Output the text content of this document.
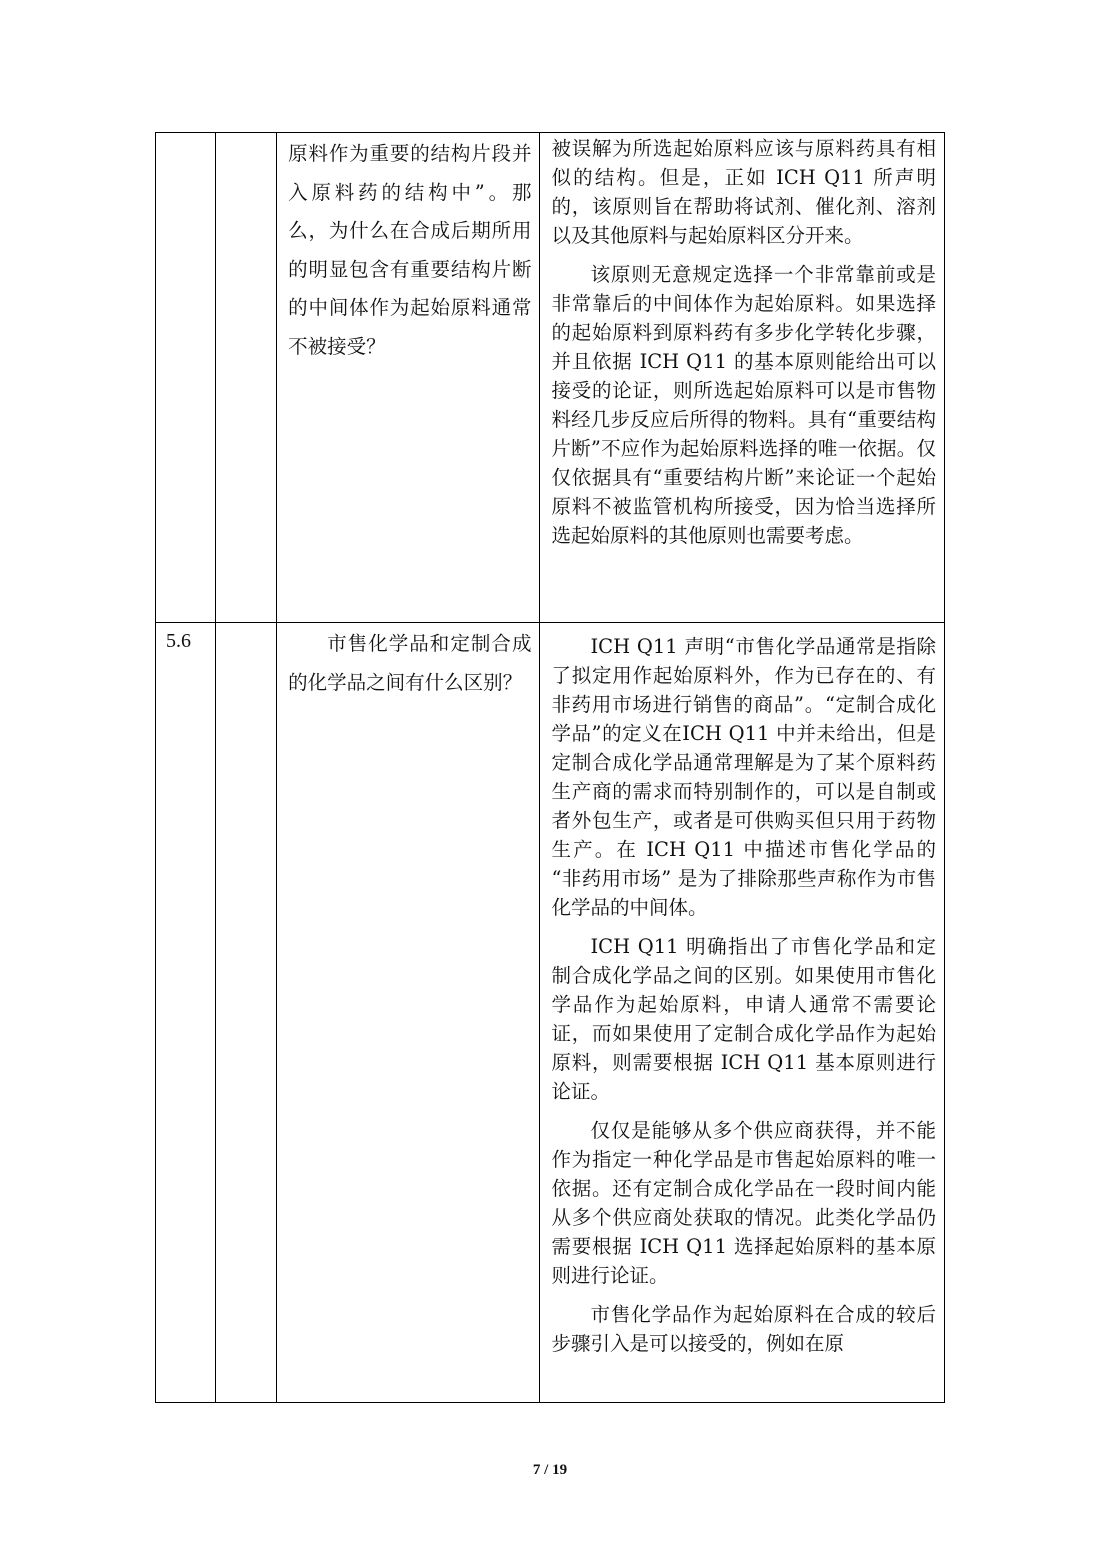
		原料作为重要的结构片段并入原料药的结构中”。那么，为什么在合成后期所用的明显包含有重要结构片断的中间体作为起始原料通常不被接受？	被误解为所选起始原料应该与原料药具有相似的结构。但是，正如 ICH Q11 所声明的，该原则旨在帮助将试剂、催化剂、溶剂以及其他原料与起始原料区分开来。

该原则无意规定选择一个非常靠前或是非常靠后的中间体作为起始原料。如果选择的起始原料到原料药有多步化学转化步骤，并且依据 ICH Q11 的基本原则能给出可以接受的论证，则所选起始原料可以是市售物料经几步反应后所得的物料。具有“重要结构片断”不应作为起始原料选择的唯一依据。仅仅依据具有“重要结构片断”来论证一个起始原料不被监管机构所接受，因为恰当选择所选起始原料的其他原则也需要考虑。

5.6		市售化学品和定制合成的化学品之间有什么区别？	ICH Q11 声明“市售化学品通常是指除了拟定用作起始原料外，作为已存在的、有非药用市场进行销售的商品”。“定制合成化学品”的定义在ICH Q11 中并未给出，但是定制合成化学品通常理解是为了某个原料药生产商的需求而特别制作的，可以是自制或者外包生产，或者是可供购买但只用于药物生产。在 ICH Q11 中描述市售化学品的 “非药用市场” 是为了排除那些声称作为市售化学品的中间体。

ICH Q11 明确指出了市售化学品和定制合成化学品之间的区别。如果使用市售化学品作为起始原料，申请人通常不需要论证，而如果使用了定制合成化学品作为起始原料，则需要根据 ICH Q11 基本原则进行论证。

仅仅是能够从多个供应商获得，并不能作为指定一种化学品是市售起始原料的唯一依据。还有定制合成化学品在一段时间内能从多个供应商处获取的情况。此类化学品仍需要根据 ICH Q11 选择起始原料的基本原则进行论证。

市售化学品作为起始原料在合成的较后步骤引入是可以接受的，例如在原

7 / 19
